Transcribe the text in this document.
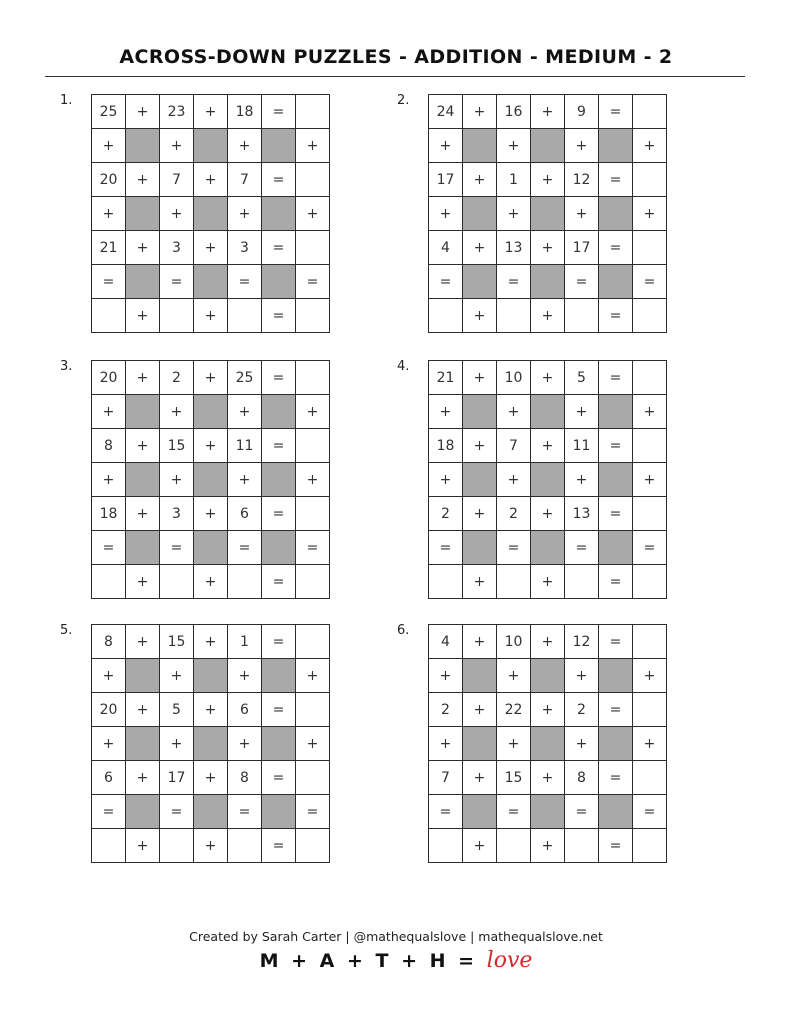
ACROSS-DOWN PUZZLES - ADDITION - MEDIUM - 2
1.
25	+	23	+	18	=	
+		+		+		+
20	+	7	+	7	=	
+		+		+		+
21	+	3	+	3	=	
=		=		=		=
	+		+		=	
2.
24	+	16	+	9	=	
+		+		+		+
17	+	1	+	12	=	
+		+		+		+
4	+	13	+	17	=	
=		=		=		=
	+		+		=	
3.
20	+	2	+	25	=	
+		+		+		+
8	+	15	+	11	=	
+		+		+		+
18	+	3	+	6	=	
=		=		=		=
	+		+		=	
4.
21	+	10	+	5	=	
+		+		+		+
18	+	7	+	11	=	
+		+		+		+
2	+	2	+	13	=	
=		=		=		=
	+		+		=	
5.
8	+	15	+	1	=	
+		+		+		+
20	+	5	+	6	=	
+		+		+		+
6	+	17	+	8	=	
=		=		=		=
	+		+		=	
6.
4	+	10	+	12	=	
+		+		+		+
2	+	22	+	2	=	
+		+		+		+
7	+	15	+	8	=	
=		=		=		=
	+		+		=	
Created by Sarah Carter | @mathequalslove | mathequalslove.net
M + A + T + H = love
